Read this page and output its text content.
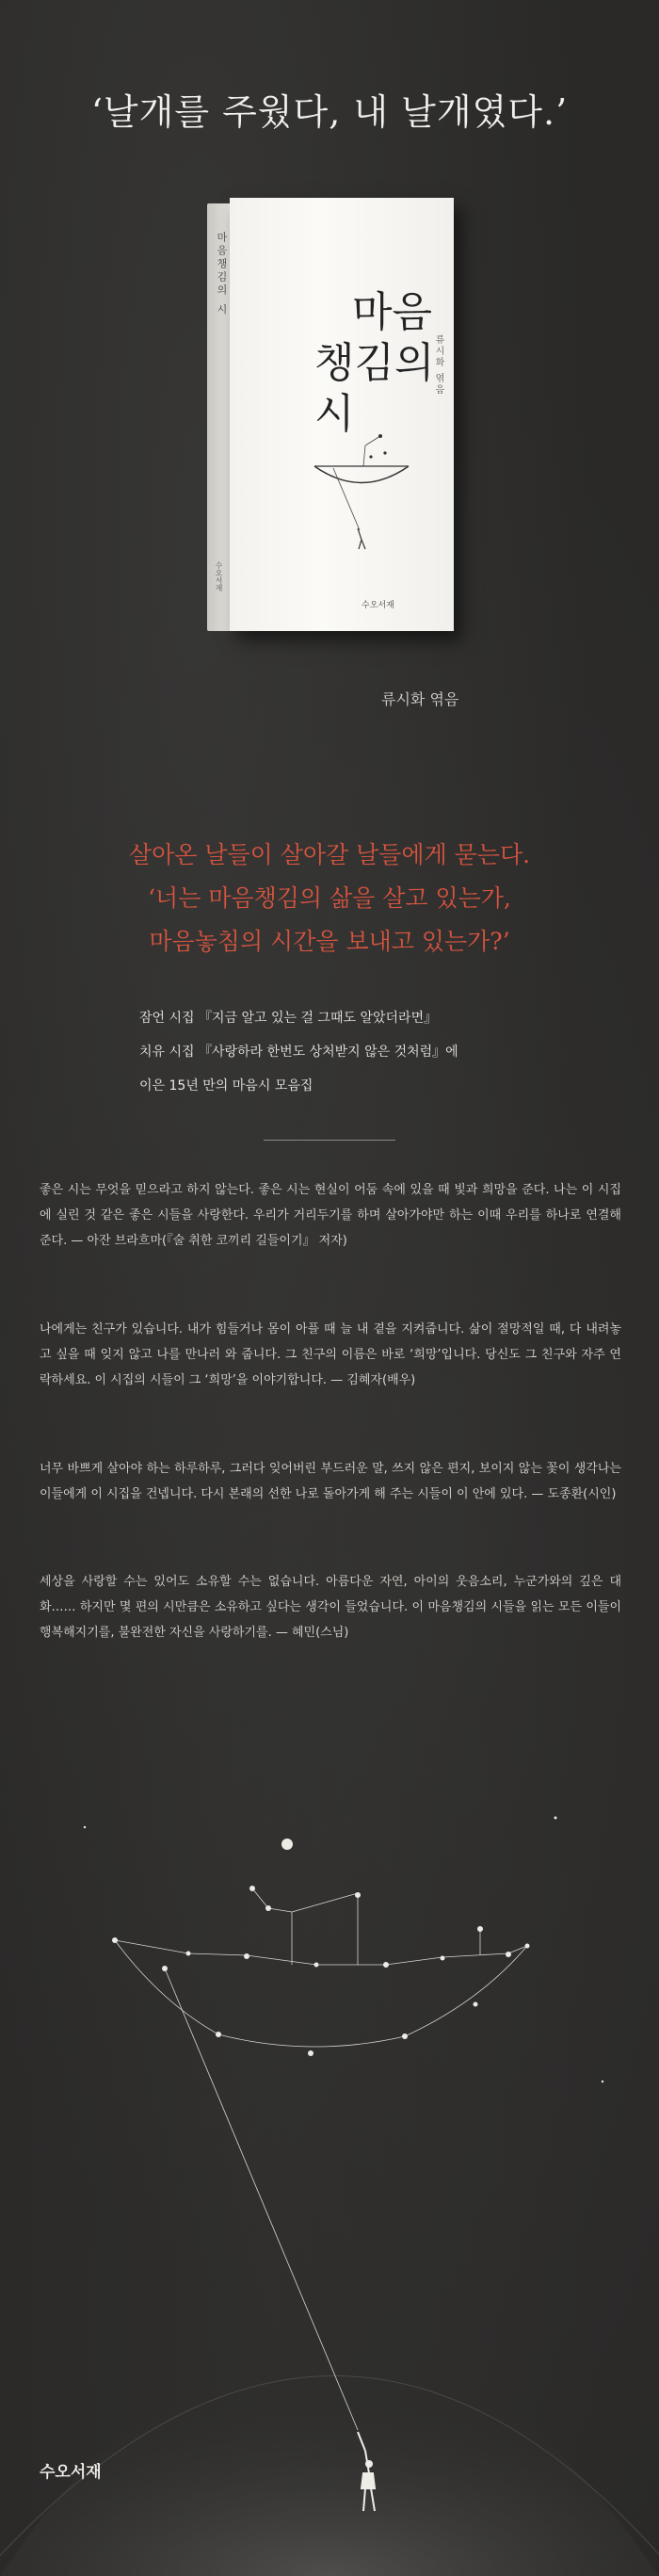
‘날개를 주웠다, 내 날개였다.’
마음챙김의 시
수오서재
마음
챙김의
시
류시화 엮음
수오서재
류시화 엮음
살아온 날들이 살아갈 날들에게 묻는다.
‘너는 마음챙김의 삶을 살고 있는가,
마음놓침의 시간을 보내고 있는가?’
잠언 시집 『지금 알고 있는 걸 그때도 알았더라면』
치유 시집 『사랑하라 한번도 상처받지 않은 것처럼』에
이은 15년 만의 마음시 모음집
좋은 시는 무엇을 믿으라고 하지 않는다. 좋은 시는 현실이 어둠 속에 있을 때 빛과 희망을 준다. 나는 이 시집에 실린 것 같은 좋은 시들을 사랑한다. 우리가 거리두기를 하며 살아가야만 하는 이때 우리를 하나로 연결해 준다. — 아잔 브라흐마(『술 취한 코끼리 길들이기』 저자)
나에게는 친구가 있습니다. 내가 힘들거나 몸이 아플 때 늘 내 곁을 지켜줍니다. 삶이 절망적일 때, 다 내려놓고 싶을 때 잊지 않고 나를 만나러 와 줍니다. 그 친구의 이름은 바로 ‘희망’입니다. 당신도 그 친구와 자주 연락하세요. 이 시집의 시들이 그 ‘희망’을 이야기합니다. — 김혜자(배우)
너무 바쁘게 살아야 하는 하루하루, 그러다 잊어버린 부드러운 말, 쓰지 않은 편지, 보이지 않는 꽃이 생각나는 이들에게 이 시집을 건넵니다. 다시 본래의 선한 나로 돌아가게 해 주는 시들이 이 안에 있다. — 도종환(시인)
세상을 사랑할 수는 있어도 소유할 수는 없습니다. 아름다운 자연, 아이의 웃음소리, 누군가와의 깊은 대화…… 하지만 몇 편의 시만큼은 소유하고 싶다는 생각이 들었습니다. 이 마음챙김의 시들을 읽는 모든 이들이 행복해지기를, 불완전한 자신을 사랑하기를. — 혜민(스님)
수오서재
